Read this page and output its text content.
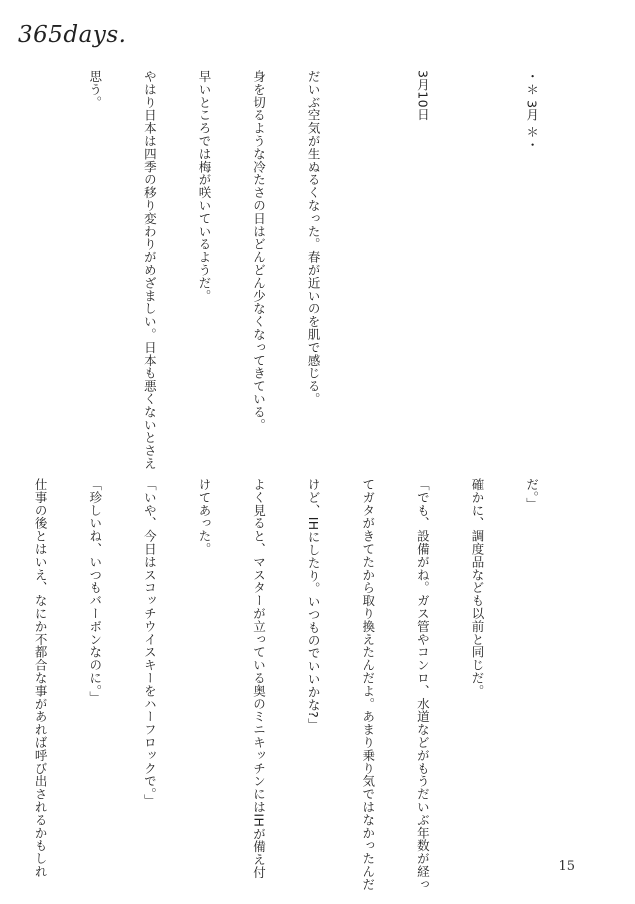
365days.

・＊ 3月 ＊・

3月10日

だいぶ空気が生ぬるくなった。春が近いのを肌で感じる。

身を切るような冷たさの日はどんどん少なくなってきている。

早いところでは梅が咲いているようだ。

やはり日本は四季の移り変わりがめざましい。日本も悪くないとさえ

思う。

だ。」

確かに、調度品なども以前と同じだ。

「でも、設備がね。ガス管やコンロ、水道などがもうだいぶ年数が経っ

てガタがきてたから取り換えたんだよ。あまり乗り気ではなかったんだ

けど、IHにしたり。いつものでいいかな?」

よく見ると、マスターが立っている奥のミニキッチンにはIHが備え付

けてあった。

「いや、今日はスコッチウイスキーをハーフロックで。」

「珍しいね、いつもバーボンなのに。」

仕事の後とはいえ、なにか不都合な事があれば呼び出されるかもしれ

	15
